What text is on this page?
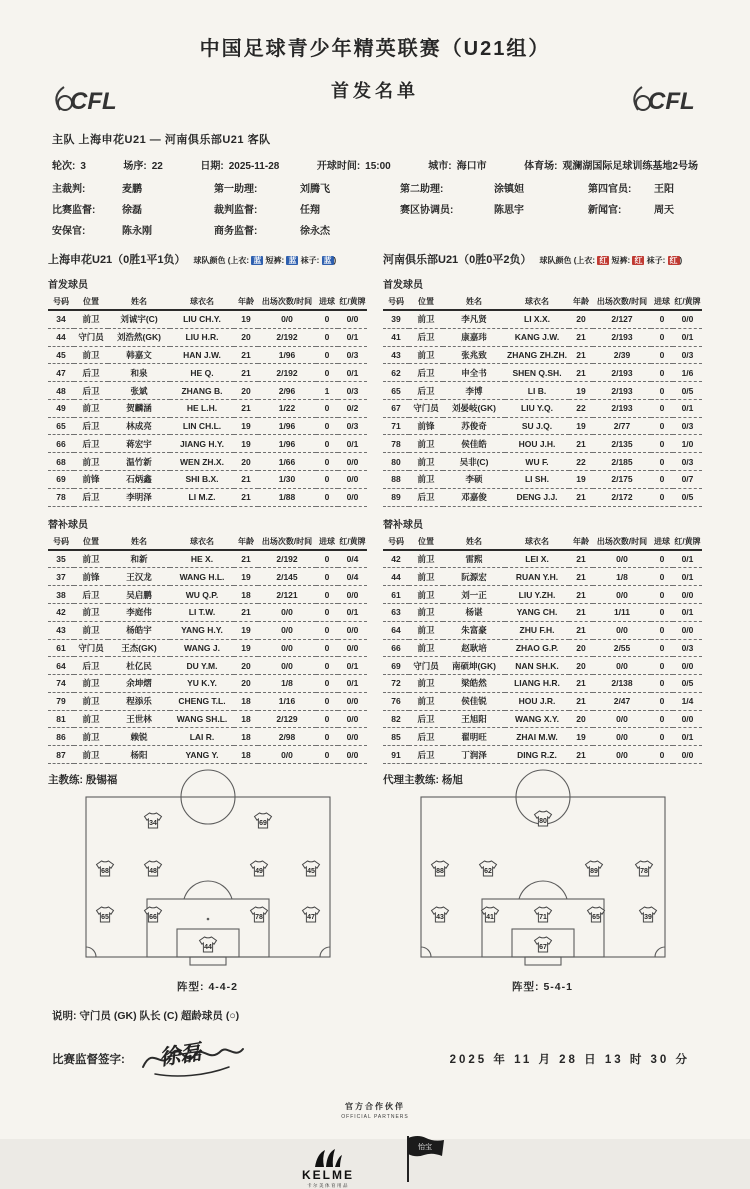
CFL	CFL
中国足球青少年精英联赛（U21组）
首发名单
主队 上海申花U21 — 河南俱乐部U21 客队
轮次: 3	场序: 22	日期: 2025-11-28	开球时间: 15:00	城市: 海口市	体育场: 观澜湖国际足球训练基地2号场
主裁判:	麦鹏	第一助理:	刘腾飞	第二助理:	涂镇妲	第四官员:	王阳
比赛监督:	徐磊	裁判监督:	任翔	赛区协调员:	陈思宇	新闻官:	周天
安保官:	陈永刚	商务监督:	徐永杰
上海申花U21（0胜1平1负） 球队颜色 (上衣: 蓝 短裤: 蓝 袜子: 蓝 )
首发球员
号码	位置	姓名	球衣名	年龄	出场次数/时间	进球	红/黄牌
34	前卫	刘诚宇(C)	LIU CH.Y.	19	0/0	0	0/0
44	守门员	刘浩然(GK)	LIU H.R.	20	2/192	0	0/1
45	前卫	韩嘉文	HAN J.W.	21	1/96	0	0/3
47	后卫	和泉	HE Q.	21	2/192	0	0/1
48	后卫	张斌	ZHANG B.	20	2/96	1	0/3
49	前卫	贺麟涵	HE L.H.	21	1/22	0	0/2
65	后卫	林成亮	LIN CH.L.	19	1/96	0	0/3
66	后卫	蒋宏宇	JIANG H.Y.	19	1/96	0	0/1
68	前卫	温竹新	WEN ZH.X.	20	1/66	0	0/0
69	前锋	石炳鑫	SHI B.X.	21	1/30	0	0/0
78	后卫	李明泽	LI M.Z.	21	1/88	0	0/0
替补球员
号码	位置	姓名	球衣名	年龄	出场次数/时间	进球	红/黄牌
35	前卫	和新	HE X.	21	2/192	0	0/4
37	前锋	王汉龙	WANG H.L.	19	2/145	0	0/4
38	后卫	吴启鹏	WU Q.P.	18	2/121	0	0/0
42	前卫	李庭伟	LI T.W.	21	0/0	0	0/1
43	前卫	杨皓宇	YANG H.Y.	19	0/0	0	0/0
61	守门员	王杰(GK)	WANG J.	19	0/0	0	0/0
64	后卫	杜亿民	DU Y.M.	20	0/0	0	0/1
74	前卫	余坤熠	YU K.Y.	20	1/8	0	0/1
79	前卫	程添乐	CHENG T.L.	18	1/16	0	0/0
81	前卫	王世林	WANG SH.L.	18	2/129	0	0/0
86	前卫	赖锐	LAI R.	18	2/98	0	0/0
87	前卫	杨阳	YANG Y.	18	0/0	0	0/0
主教练: 殷锡福
34	69
68	48	49	45
65	66	78	47
44
阵型: 4-4-2
河南俱乐部U21（0胜0平2负） 球队颜色 (上衣: 红 短裤: 红 袜子: 红 )
首发球员
号码	位置	姓名	球衣名	年龄	出场次数/时间	进球	红/黄牌
39	前卫	李凡贤	LI X.X.	20	2/127	0	0/0
41	后卫	康嘉玮	KANG J.W.	21	2/193	0	0/1
43	前卫	张兆致	ZHANG ZH.ZH.	21	2/39	0	0/3
62	后卫	申全书	SHEN Q.SH.	21	2/193	0	1/6
65	后卫	李博	LI B.	19	2/193	0	0/5
67	守门员	刘晏岐(GK)	LIU Y.Q.	22	2/193	0	0/1
71	前锋	苏俊奇	SU J.Q.	19	2/77	0	0/3
78	前卫	侯佳皓	HOU J.H.	21	2/135	0	1/0
80	前卫	吴非(C)	WU F.	22	2/185	0	0/3
88	前卫	李硕	LI SH.	19	2/175	0	0/7
89	后卫	邓嘉俊	DENG J.J.	21	2/172	0	0/5
替补球员
号码	位置	姓名	球衣名	年龄	出场次数/时间	进球	红/黄牌
42	前卫	雷熙	LEI X.	21	0/0	0	0/1
44	前卫	阮源宏	RUAN Y.H.	21	1/8	0	0/1
61	前卫	刘一正	LIU Y.ZH.	21	0/0	0	0/0
63	前卫	杨谌	YANG CH.	21	1/11	0	0/1
64	前卫	朱富豪	ZHU F.H.	21	0/0	0	0/0
66	前卫	赵耿培	ZHAO G.P.	20	2/55	0	0/3
69	守门员	南硕坤(GK)	NAN SH.K.	20	0/0	0	0/0
72	前卫	梁皓然	LIANG H.R.	21	2/138	0	0/5
76	前卫	侯佳锐	HOU J.R.	21	2/47	0	1/4
82	后卫	王旭阳	WANG X.Y.	20	0/0	0	0/0
85	后卫	翟明旺	ZHAI M.W.	19	0/0	0	0/1
91	后卫	丁润泽	DING R.Z.	21	0/0	0	0/0
代理主教练: 杨旭
80
88	62	89	78
43	41	71	65	39
67
阵型: 5-4-1
说明: 守门员 (GK) 队长 (C) 超龄球员 (○)
比赛监督签字: 徐磊	2025 年 11 月 28 日 13 时 30 分
官方合作伙伴
OFFICIAL PARTNERS
KELME
卡尔美体育用品
怡宝
